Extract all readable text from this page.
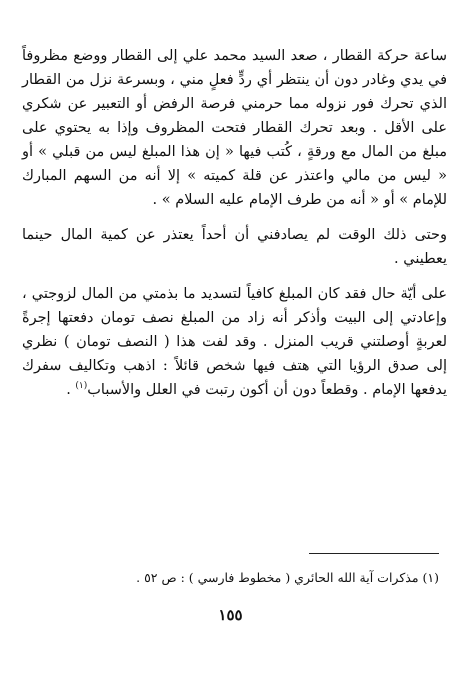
ساعة حركة القطار ، صعد السيد محمد علي إلى القطار ووضع مظروفاً في يدي وغادر دون أن ينتظر أي ردٍّ فعلٍ مني ، وبسرعة نزل من القطار الذي تحرك فور نزوله مما حرمني فرصة الرفض أو التعبير عن شكري على الأقل . وبعد تحرك القطار فتحت المظروف وإذا به يحتوي على مبلغ من المال مع ورقةٍ ، كُتب فيها « إن هذا المبلغ ليس من قبلي » أو « ليس من مالي واعتذر عن قلة كميته » إلا أنه من السهم المبارك للإمام » أو « أنه من طرف الإمام عليه السلام » .

وحتى ذلك الوقت لم يصادفني أن أحداً يعتذر عن كمية المال حينما يعطيني .

على أيّة حال فقد كان المبلغ كافياً لتسديد ما بذمتي من المال لزوجتي ، وإعادتي إلى البيت وأذكر أنه زاد من المبلغ نصف تومان دفعتها إجرةً لعربةٍ أوصلتني قريب المنزل . وقد لفت هذا ( النصف تومان ) نظري إلى صدق الرؤيا التي هتف فيها شخص قائلاً : اذهب وتكاليف سفرك يدفعها الإمام . وقطعاً دون أن أكون رتبت في العلل والأسباب$^{(١)}$ .

(١) مذكرات آية الله الحائري ( مخطوط فارسي ) : ص ٥٢ .

١٥٥
